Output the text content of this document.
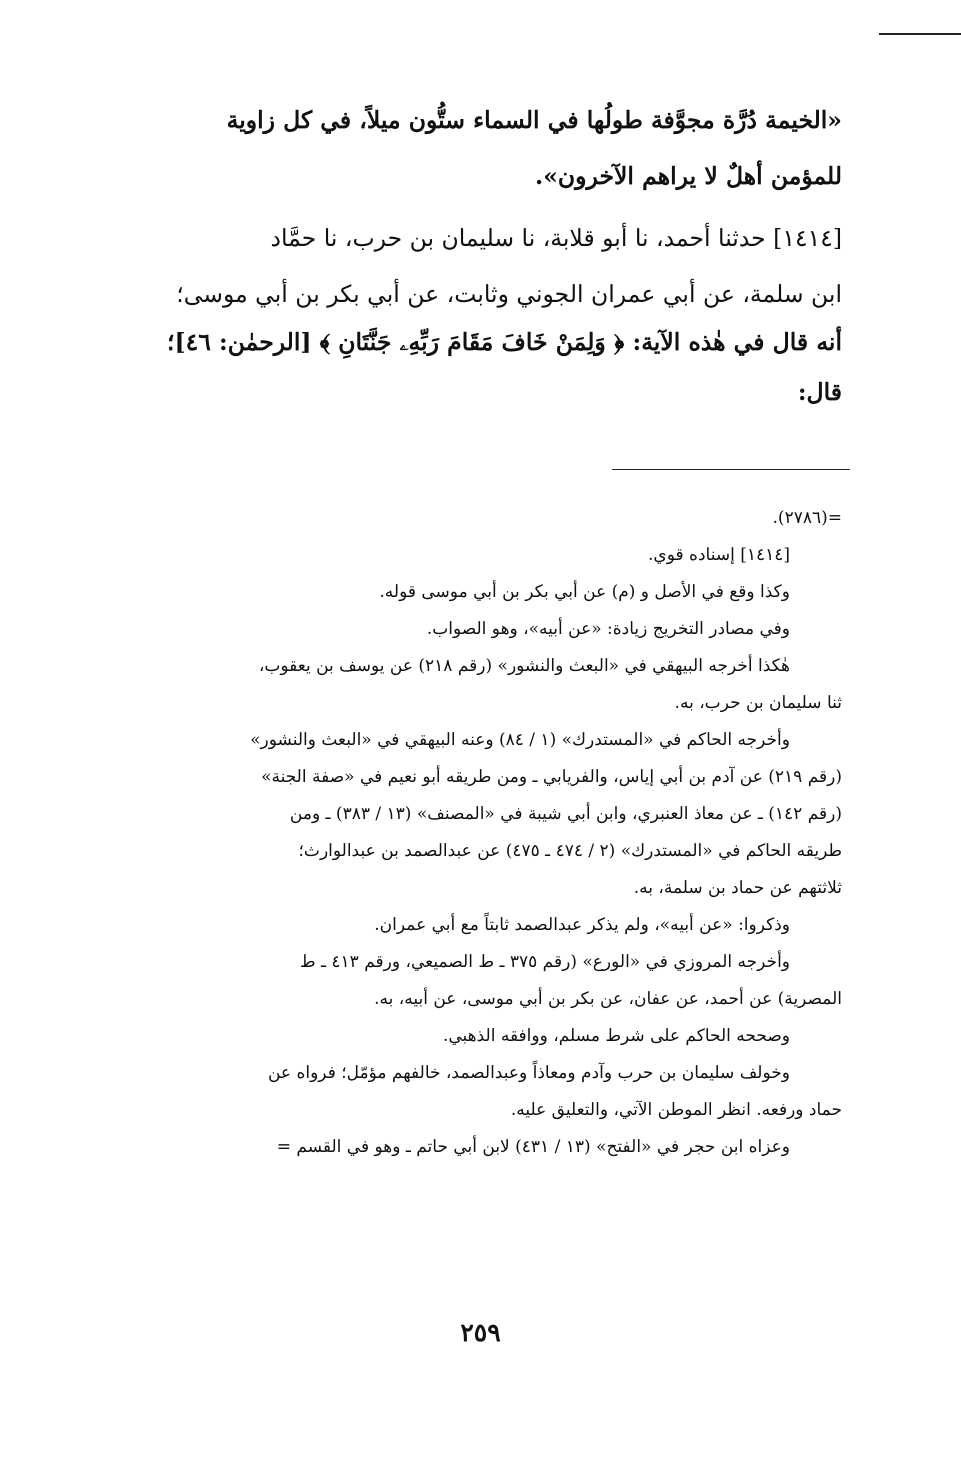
«الخيمة دُرَّة مجوَّفة طولُها في السماء ستُّون ميلاً، في كل زاوية
للمؤمن أهلٌ لا يراهم الآخرون».
[١٤١٤] حدثنا أحمد، نا أبو قلابة، نا سليمان بن حرب، نا حمَّاد
ابن سلمة، عن أبي عمران الجوني وثابت، عن أبي بكر بن أبي موسى؛
أنه قال في هٰذه الآية: ﴿ وَلِمَنْ خَافَ مَقَامَ رَبِّهِۦ جَنَّتَانِ ﴾ [الرحمٰن: ٤٦]؛
قال:
=(٢٧٨٦).
[١٤١٤] إسناده قوي.
وكذا وقع في الأصل و (م) عن أبي بكر بن أبي موسى قوله.
وفي مصادر التخريج زيادة: «عن أبيه»، وهو الصواب.
هٰكذا أخرجه البيهقي في «البعث والنشور» (رقم ٢١٨) عن يوسف بن يعقوب،
ثنا سليمان بن حرب، به.
وأخرجه الحاكم في «المستدرك» (١ / ٨٤) وعنه البيهقي في «البعث والنشور»
(رقم ٢١٩) عن آدم بن أبي إياس، والفريابي ـ ومن طريقه أبو نعيم في «صفة الجنة»
(رقم ١٤٢) ـ عن معاذ العنبري، وابن أبي شيبة في «المصنف» (١٣ / ٣٨٣) ـ ومن
طريقه الحاكم في «المستدرك» (٢ / ٤٧٤ ـ ٤٧٥) عن عبدالصمد بن عبدالوارث؛
ثلاثتهم عن حماد بن سلمة، به.
وذكروا: «عن أبيه»، ولم يذكر عبدالصمد ثابتاً مع أبي عمران.
وأخرجه المروزي في «الورع» (رقم ٣٧٥ ـ ط الصميعي، ورقم ٤١٣ ـ ط
المصرية) عن أحمد، عن عفان، عن بكر بن أبي موسى، عن أبيه، به.
وصححه الحاكم على شرط مسلم، ووافقه الذهبي.
وخولف سليمان بن حرب وآدم ومعاذاً وعبدالصمد، خالفهم مؤمّل؛ فرواه عن
حماد ورفعه. انظر الموطن الآتي، والتعليق عليه.
وعزاه ابن حجر في «الفتح» (١٣ / ٤٣١) لابن أبي حاتم ـ وهو في القسم =
٢٥٩
